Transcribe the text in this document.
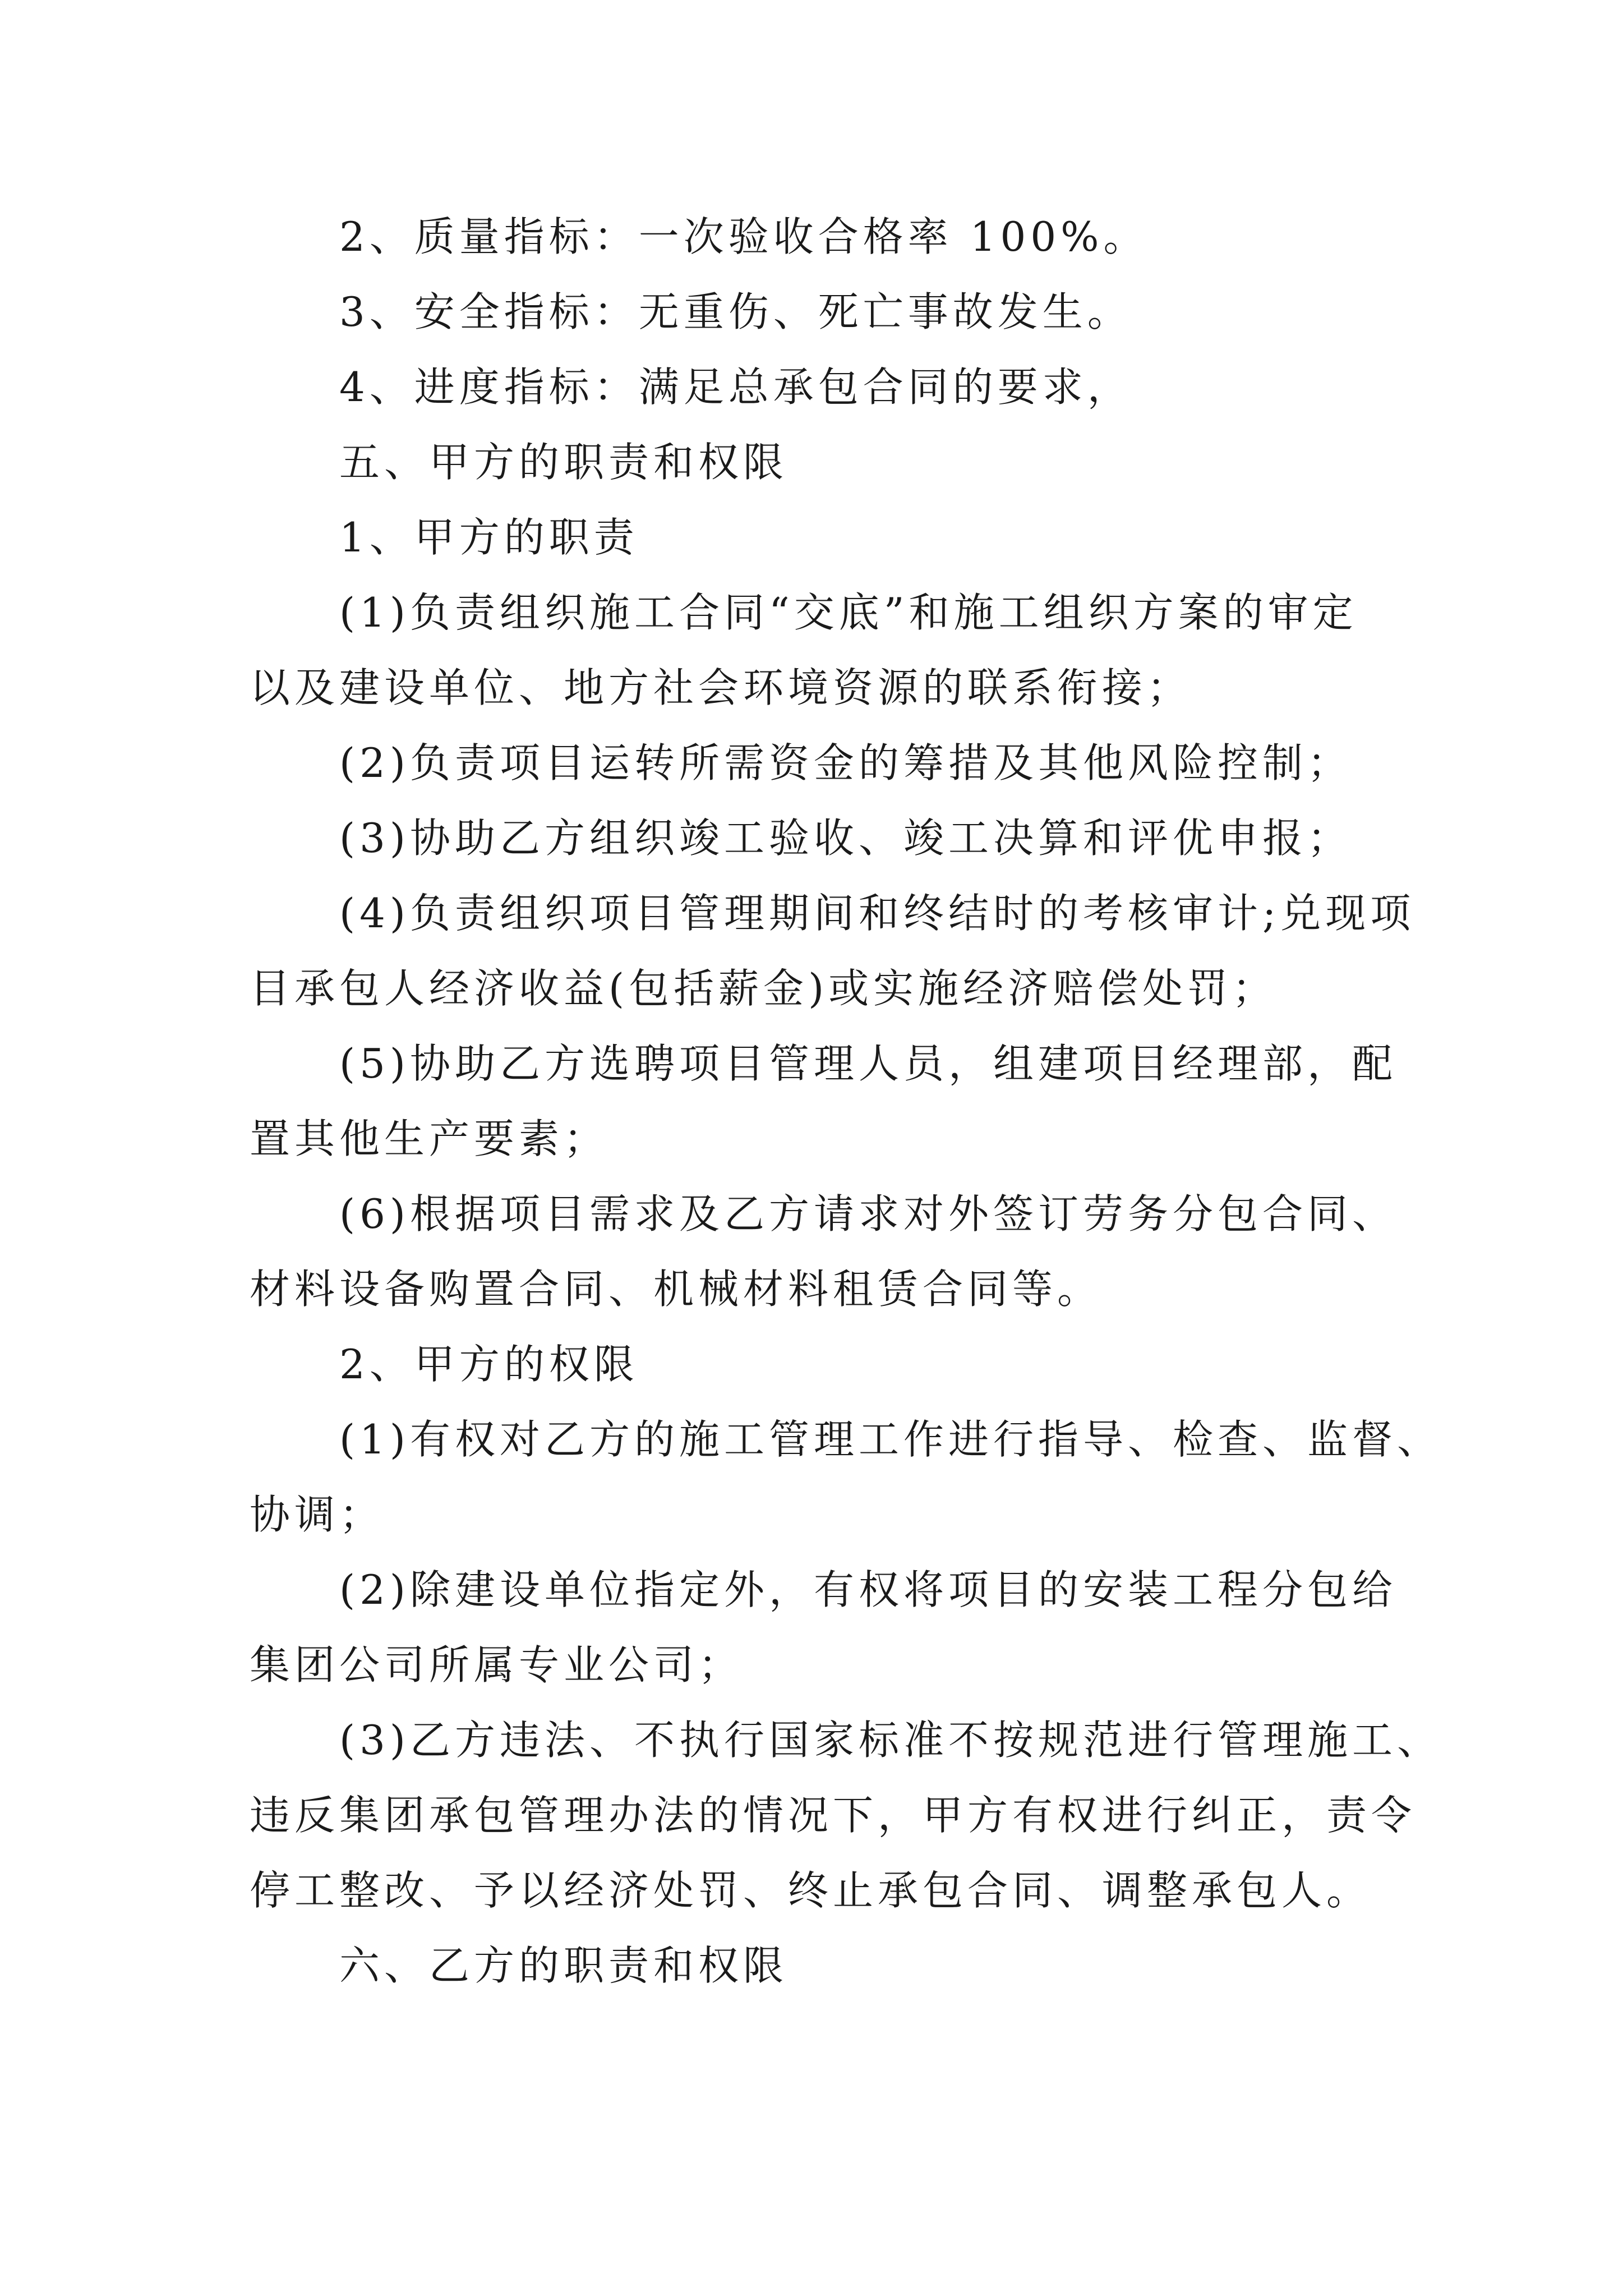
2、质量指标：一次验收合格率 100%。

3、安全指标：无重伤、死亡事故发生。

4、进度指标：满足总承包合同的要求，

五、甲方的职责和权限

1、甲方的职责

(1)负责组织施工合同“交底”和施工组织方案的审定
以及建设单位、地方社会环境资源的联系衔接；

(2)负责项目运转所需资金的筹措及其他风险控制；

(3)协助乙方组织竣工验收、竣工决算和评优申报；

(4)负责组织项目管理期间和终结时的考核审计;兑现项
目承包人经济收益(包括薪金)或实施经济赔偿处罚；

(5)协助乙方选聘项目管理人员，组建项目经理部，配
置其他生产要素；

(6)根据项目需求及乙方请求对外签订劳务分包合同、
材料设备购置合同、机械材料租赁合同等。

2、甲方的权限

(1)有权对乙方的施工管理工作进行指导、检查、监督、
协调；

(2)除建设单位指定外，有权将项目的安装工程分包给
集团公司所属专业公司；

(3)乙方违法、不执行国家标准不按规范进行管理施工、
违反集团承包管理办法的情况下，甲方有权进行纠正，责令
停工整改、予以经济处罚、终止承包合同、调整承包人。

六、乙方的职责和权限
